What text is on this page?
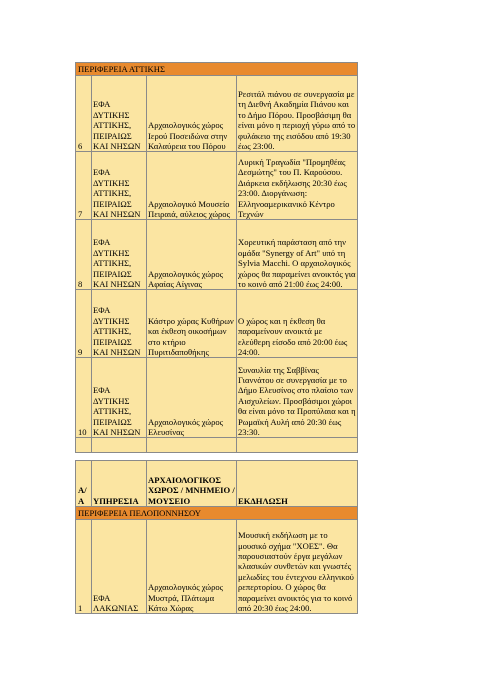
ΠΕΡΙΦΕΡΕΙΑ ΑΤΤΙΚΗΣ			
6	ΕΦΑ ΔΥΤΙΚΗΣ ΑΤΤΙΚΗΣ, ΠΕΙΡΑΙΩΣ ΚΑΙ ΝΗΣΩΝ	Αρχαιολογικός χώρος Ιερού Ποσειδώνα στην Καλαύρεια του Πόρου	Ρεσιτάλ πιάνου σε συνεργασία με τη Διεθνή Ακαδημία Πιάνου και το Δήμο Πόρου. Προσβάσιμη θα είναι μόνο η περιοχή γύρω από το φυλάκειο της εισόδου από 19:30 έως 23:00.
7	ΕΦΑ ΔΥΤΙΚΗΣ ΑΤΤΙΚΗΣ, ΠΕΙΡΑΙΩΣ ΚΑΙ ΝΗΣΩΝ	Αρχαιολογικό Μουσείο Πειραιά, αύλειος χώρος	Λυρική Τραγωδία "Προμηθέας Δεσμώτης" του Π. Καρούσου. Διάρκεια εκδήλωσης 20:30 έως 23:00. Διοργάνωση: Ελληνοαμερικανικό Κέντρο Τεχνών
8	ΕΦΑ ΔΥΤΙΚΗΣ ΑΤΤΙΚΗΣ, ΠΕΙΡΑΙΩΣ ΚΑΙ ΝΗΣΩΝ	Αρχαιολογικός χώρος Αφαίας Αίγινας	Χορευτική παράσταση από την ομάδα "Synergy of Art" υπό τη Sylvia Macchi. Ο αρχαιολογικός χώρος θα παραμείνει ανοικτός για το κοινό από 21:00 έως 24:00.
9	ΕΦΑ ΔΥΤΙΚΗΣ ΑΤΤΙΚΗΣ, ΠΕΙΡΑΙΩΣ ΚΑΙ ΝΗΣΩΝ	Κάστρο χώρας Κυθήρων και έκθεση οικοσήμων στο κτήριο Πυριτιδαποθήκης	Ο χώρος και η έκθεση θα παραμείνουν ανοικτά με ελεύθερη είσοδο από 20:00 έως 24:00.
10	ΕΦΑ ΔΥΤΙΚΗΣ ΑΤΤΙΚΗΣ, ΠΕΙΡΑΙΩΣ ΚΑΙ ΝΗΣΩΝ	Αρχαιολογικός χώρος Ελευσίνας	Συναυλία της Σαββίνας Γιαννάτου σε συνεργασία με το Δήμο Ελευσίνος στο πλαίσιο των Αισχυλείων. Προσβάσιμοι χώροι θα είναι μόνο τα Προπύλαια και η Ρωμαϊκή Αυλή από 20:30 έως 23:30.

Α/Α	ΥΠΗΡΕΣΙΑ	ΑΡΧΑΙΟΛΟΓΙΚΟΣ ΧΩΡΟΣ / ΜΝΗΜΕΙΟ / ΜΟΥΣΕΙΟ	ΕΚΔΗΛΩΣΗ
ΠΕΡΙΦΕΡΕΙΑ ΠΕΛΟΠΟΝΝΗΣΟΥ			
1	ΕΦΑ ΛΑΚΩΝΙΑΣ	Αρχαιολογικός χώρος Μυστρά, Πλάτωμα Κάτω Χώρας	Μουσική εκδήλωση με το μουσικό σχήμα "ΧΟΕΣ". Θα παρουσιαστούν έργα μεγάλων κλασικών συνθετών και γνωστές μελωδίες του έντεχνου ελληνικού ρεπερτορίου. Ο χώρος θα παραμείνει ανοικτός για το κοινό από 20:30 έως 24:00.
